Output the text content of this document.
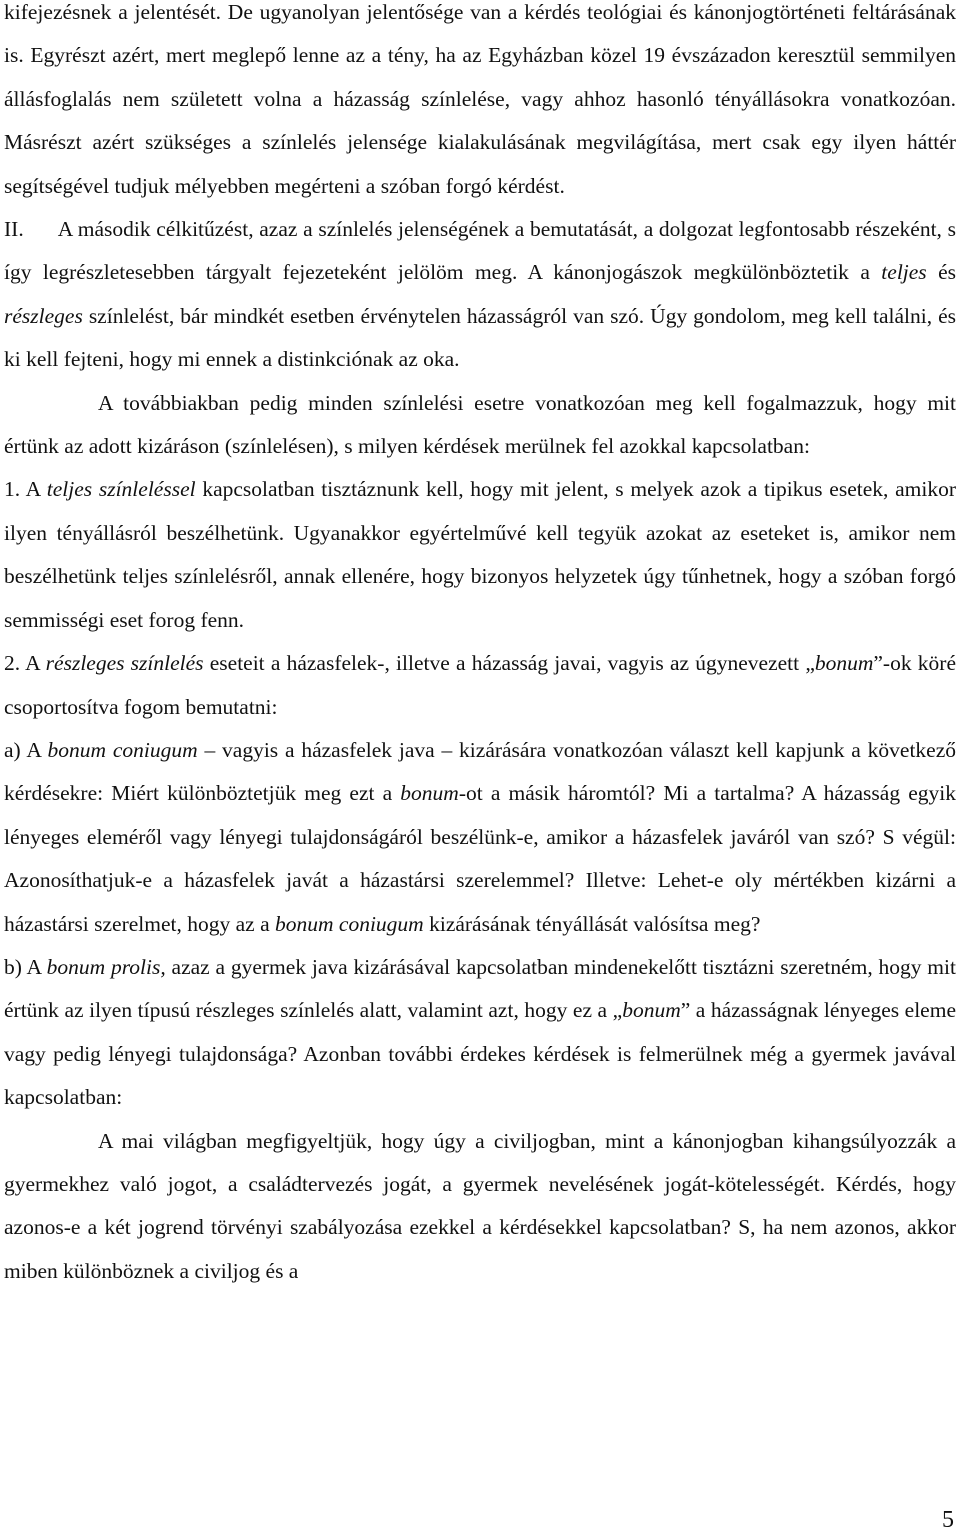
kifejezésnek a jelentését. De ugyanolyan jelentősége van a kérdés teológiai és kánonjogtörténeti feltárásának is. Egyrészt azért, mert meglepő lenne az a tény, ha az Egyházban közel 19 évszázadon keresztül semmilyen állásfoglalás nem született volna a házasság színlelése, vagy ahhoz hasonló tényállásokra vonatkozóan. Másrészt azért szükséges a színlelés jelensége kialakulásának megvilágítása, mert csak egy ilyen háttér segítségével tudjuk mélyebben megérteni a szóban forgó kérdést.

II. A második célkitűzést, azaz a színlelés jelenségének a bemutatását, a dolgozat legfontosabb részeként, s így legrészletesebben tárgyalt fejezeteként jelölöm meg. A kánonjogászok megkülönböztetik a teljes és részleges színlelést, bár mindkét esetben érvénytelen házasságról van szó. Úgy gondolom, meg kell találni, és ki kell fejteni, hogy mi ennek a distinkciónak az oka.

A továbbiakban pedig minden színlelési esetre vonatkozóan meg kell fogalmazzuk, hogy mit értünk az adott kizáráson (színlelésen), s milyen kérdések merülnek fel azokkal kapcsolatban:

1. A teljes színleléssel kapcsolatban tisztáznunk kell, hogy mit jelent, s melyek azok a tipikus esetek, amikor ilyen tényállásról beszélhetünk. Ugyanakkor egyértelművé kell tegyük azokat az eseteket is, amikor nem beszélhetünk teljes színlelésről, annak ellenére, hogy bizonyos helyzetek úgy tűnhetnek, hogy a szóban forgó semmisségi eset forog fenn.

2. A részleges színlelés eseteit a házasfelek-, illetve a házasság javai, vagyis az úgynevezett „bonum”-ok köré csoportosítva fogom bemutatni:

a) A bonum coniugum – vagyis a házasfelek java – kizárására vonatkozóan választ kell kapjunk a következő kérdésekre: Miért különböztetjük meg ezt a bonum-ot a másik háromtól? Mi a tartalma? A házasság egyik lényeges eleméről vagy lényegi tulajdonságáról beszélünk-e, amikor a házasfelek javáról van szó? S végül: Azonosíthatjuk-e a házasfelek javát a házastársi szerelemmel? Illetve: Lehet-e oly mértékben kizárni a házastársi szerelmet, hogy az a bonum coniugum kizárásának tényállását valósítsa meg?

b) A bonum prolis, azaz a gyermek java kizárásával kapcsolatban mindenekelőtt tisztázni szeretném, hogy mit értünk az ilyen típusú részleges színlelés alatt, valamint azt, hogy ez a „bonum” a házasságnak lényeges eleme vagy pedig lényegi tulajdonsága? Azonban további érdekes kérdések is felmerülnek még a gyermek javával kapcsolatban:

A mai világban megfigyeltjük, hogy úgy a civiljogban, mint a kánonjogban kihangsúlyozzák a gyermekhez való jogot, a családtervezés jogát, a gyermek nevelésének jogát-kötelességét. Kérdés, hogy azonos-e a két jogrend törvényi szabályozása ezekkel a kérdésekkel kapcsolatban? S, ha nem azonos, akkor miben különböznek a civiljog és a

5
